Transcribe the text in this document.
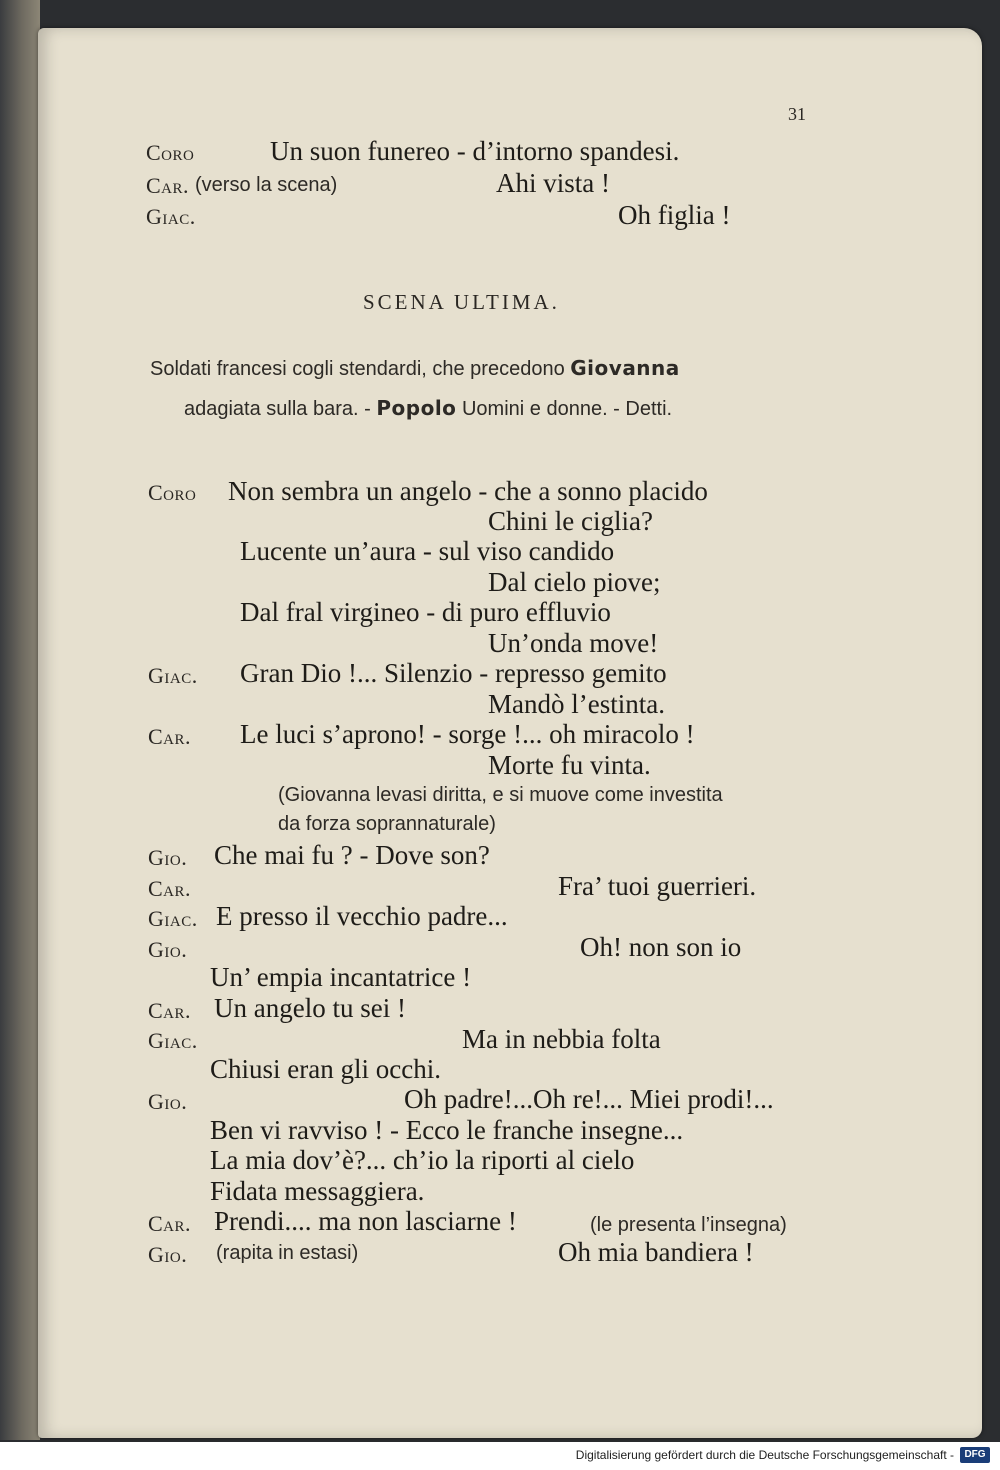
31
Coro	Un suon funereo - d’intorno spandesi.
Car. (verso la scena)	Ahi vista !
Giac.	Oh figlia !
SCENA ULTIMA.
Soldati francesi cogli stendardi, che precedono Giovanna
adagiata sulla bara. - Popolo Uomini e donne. - Detti.
Coro Non sembra un angelo - che a sonno placido
Chini le ciglia?
Lucente un’aura - sul viso candido
Dal cielo piove;
Dal fral virgineo - di puro effluvio
Un’onda move!
Giac. Gran Dio !... Silenzio - represso gemito
Mandò l’estinta.
Car. Le luci s’aprono! - sorge !... oh miracolo !
Morte fu vinta.
(Giovanna levasi diritta, e si muove come investita
da forza soprannaturale)
Gio. Che mai fu ? - Dove son?
Car.	Fra’ tuoi guerrieri.
Giac. E presso il vecchio padre...
Gio.	Oh! non son io
Un’ empia incantatrice !
Car. Un angelo tu sei !
Giac.	Ma in nebbia folta
Chiusi eran gli occhi.
Gio.	Oh padre!...Oh re!... Miei prodi!...
Ben vi ravviso ! - Ecco le franche insegne...
La mia dov’è?... ch’io la riporti al cielo
Fidata messaggiera.
Car. Prendi.... ma non lasciarne !	(le presenta l’insegna)
Gio. (rapita in estasi)	Oh mia bandiera !
Digitalisierung gefördert durch die Deutsche Forschungsgemeinschaft -	DFG
